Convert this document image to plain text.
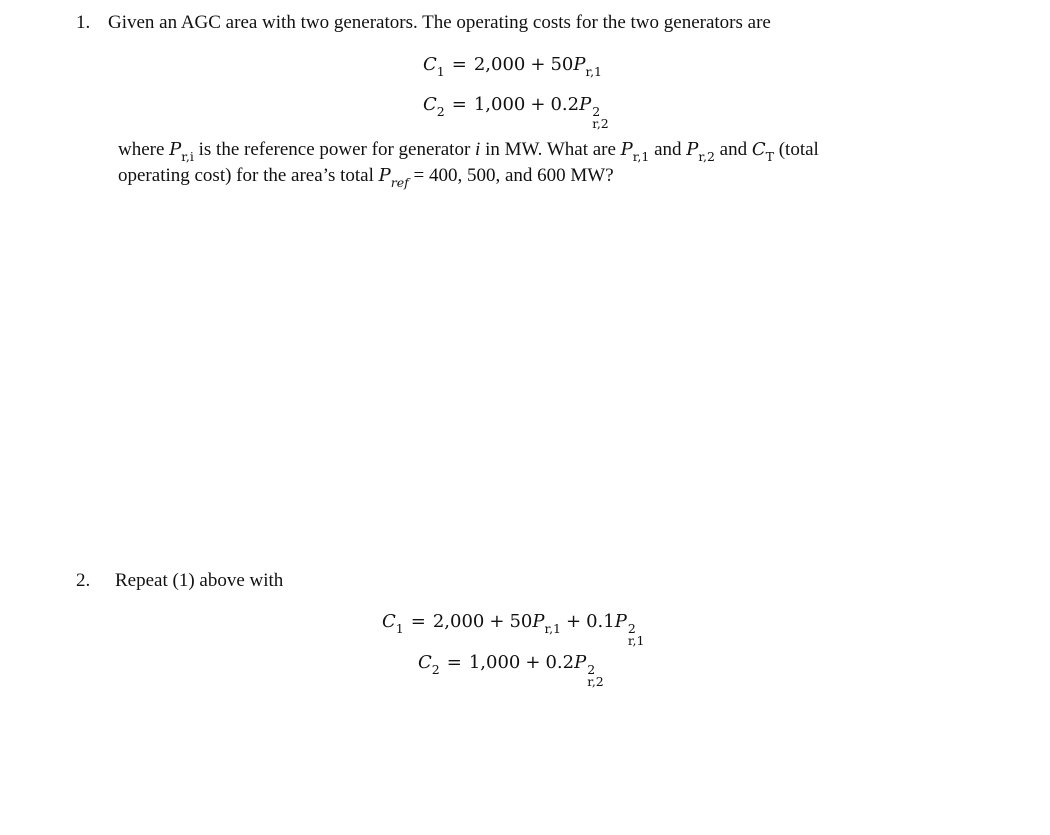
1. Given an AGC area with two generators. The operating costs for the two generators are
$C_1 = 2,000 + 50P_{r,1}$
$C_2 = 1,000 + 0.2P$ 2
r,2
where $P_{r,i}$ is the reference power for generator i in MW. What are $P_{r,1}$ and $P_{r,2}$ and $C_T$ (total
operating cost) for the area’s total $P_{ref} = 400$, 500, and 600 MW?
2. Repeat (1) above with
$C_1 = 2,000 + 50P_{r,1} + 0.1P$ 2
r,1
$C_2 = 1,000 + 0.2P$ 2
r,2
